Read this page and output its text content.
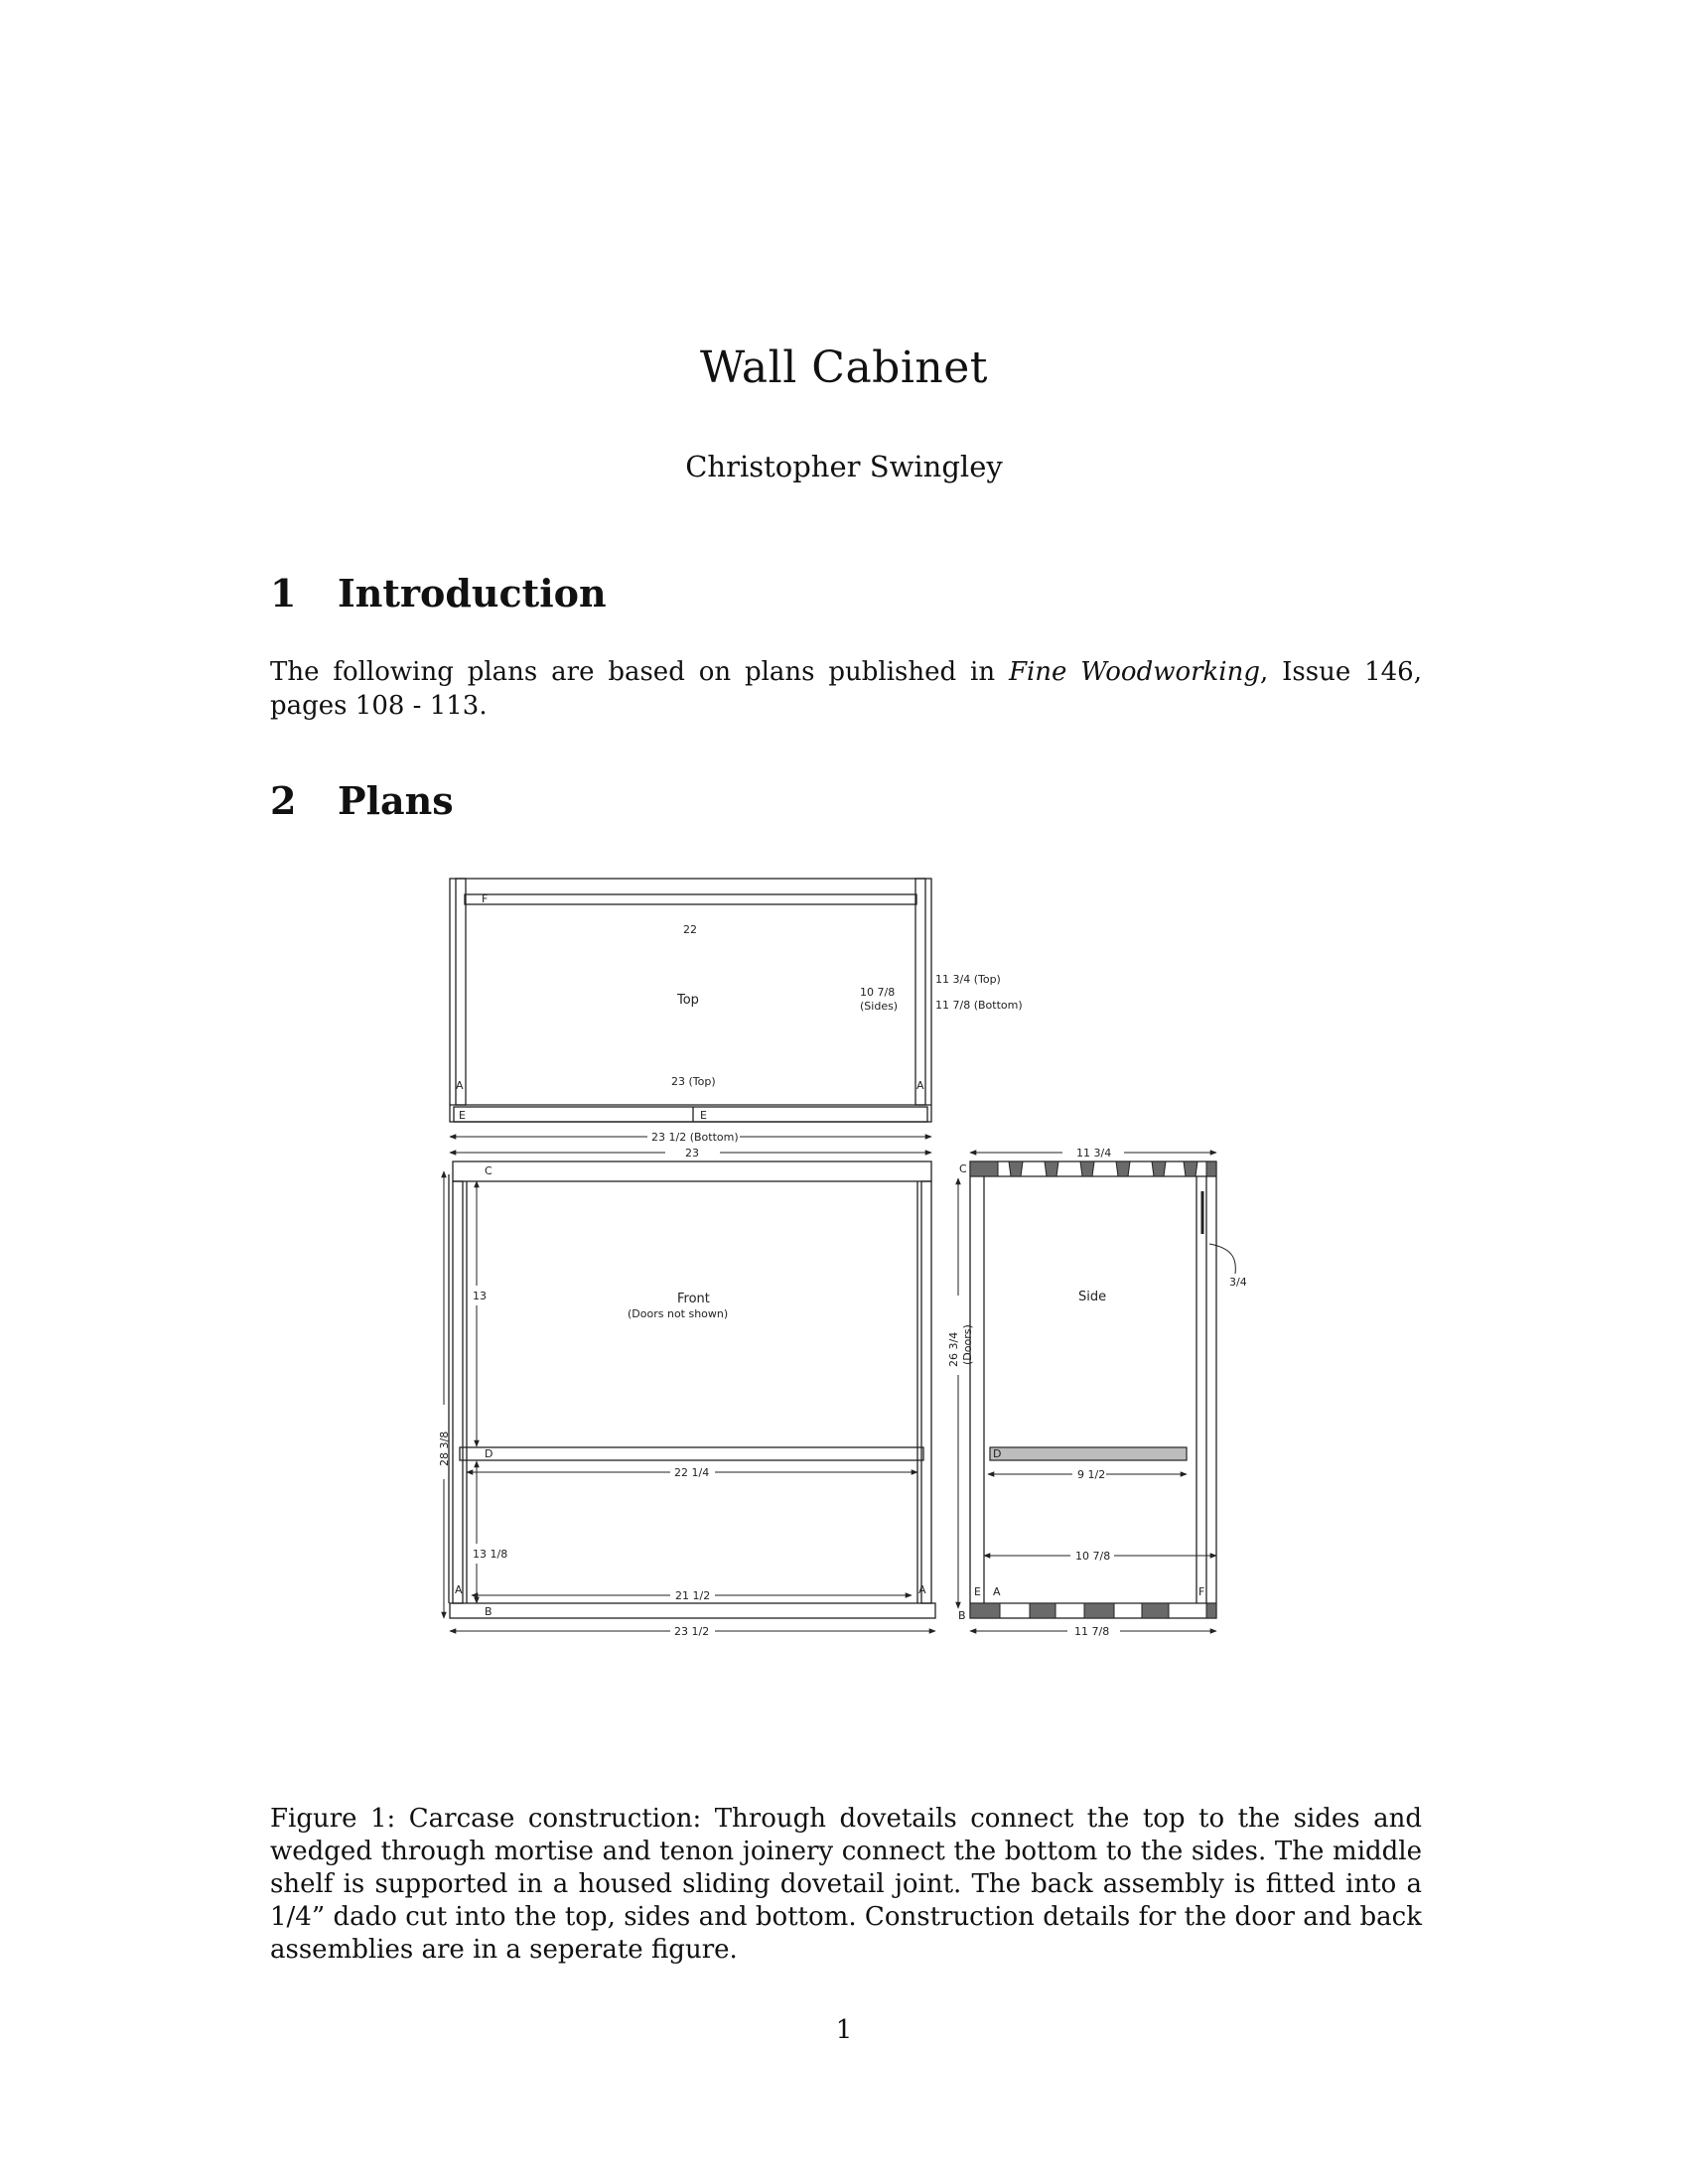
Wall Cabinet
Christopher Swingley
1 Introduction
The following plans are based on plans published in Fine Woodworking, Issue 146, pages 108 - 113.
2 Plans
F
22
Top
10 7/8
(Sides)
11 3/4 (Top)
11 7/8 (Bottom)
23 (Top)
A	A
E	E
23 1/2 (Bottom)
23
C
13	Front
(Doors not shown)
28 3/8	D
22 1/4
13 1/8
21 1/2
A	A
B
23 1/2
11 3/4
C
Side
3/4
26 3/4 (Doors)
D
9 1/2
10 7/8
E A	F
B
11 7/8
Figure 1: Carcase construction: Through dovetails connect the top to the sides and wedged through mortise and tenon joinery connect the bottom to the sides. The middle shelf is supported in a housed sliding dovetail joint. The back assembly is fitted into a 1/4” dado cut into the top, sides and bottom. Construction details for the door and back assemblies are in a seperate figure.
1
